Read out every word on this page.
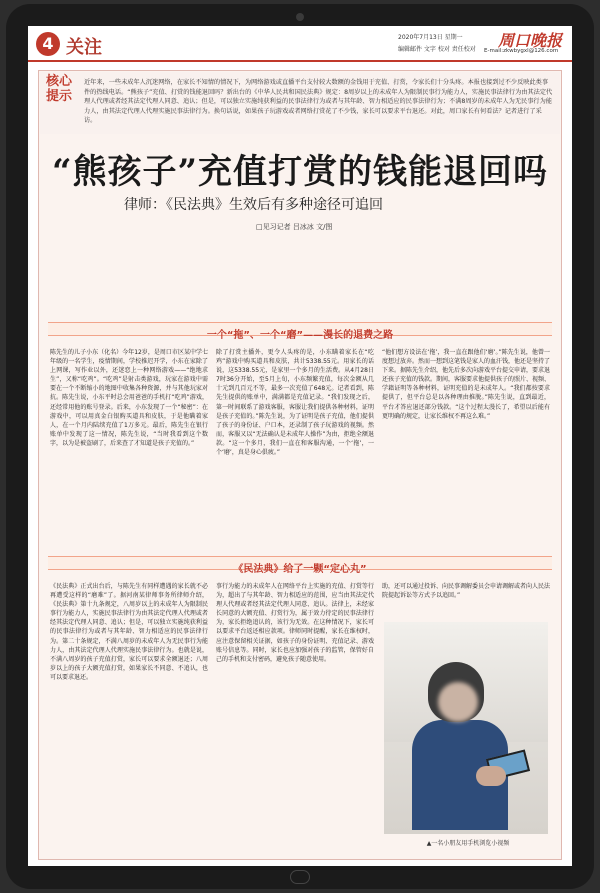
4 关注	2020年7月13日 星期一
编辑邮件 文字 校对 责任校对 周口晚报
E-mail:zkwbygxl@126.com
核心提示
近年来，一些未成年人沉迷网络，在家长不知情的情况下，为网络游戏或直播平台支付较大数额的金钱用于充值、打赏，令家长们十分头疼。本报也接到过不少反映此类事件的热线电话。“熊孩子”充值、打赏的钱能退回吗？新出台的《中华人民共和国民法典》规定：8周岁以上的未成年人为限制民事行为能力人，实施民事法律行为由其法定代理人代理或者经其法定代理人同意、追认；但是，可以独立实施纯获利益的民事法律行为或者与其年龄、智力相适应的民事法律行为；不满8周岁的未成年人为无民事行为能力人，由其法定代理人代理实施民事法律行为。换句话说，如果孩子玩游戏或者网络打赏花了不少钱，家长可以要求平台退还。对此，周口家长有何看法？记者进行了采访。
“熊孩子”充值打赏的钱能退回吗
律师：《民法典》生效后有多种途径可追回
□见习记者 吕冰冰 文/图
一个“拖”、一个“磨”——漫长的退费之路
陈先生的儿子小东（化名）今年12岁，是周口市区某中学七年级的一名学生，疫情期间，学校推迟开学，小东在家除了上网课，写作业以外，还迷恋上一种网络游戏——“绝地求生”，又称“吃鸡”。“吃鸡”是射击类游戏，玩家在游戏中需要在一个不断缩小的地图中收集各种资源，并与其他玩家对抗。陈先生说，小东平时总会用爸爸的手机打“吃鸡”游戏，还经常用他的账号登录。后来，小东发现了一个“秘密”：在游戏中，可以用真金白银购买道具和皮肤，于是他瞒着家人，在一个月内陆续充值了1万多元。最后，陈先生在银行账单中发现了这一情况，陈先生说，“当时我看到这个数字，以为是被盗刷了，后来查了才知道是孩子充值的。”
除了打赏主播外，更令人头疼的是，小东瞒着家长在“吃鸡”游戏中购买道具和皮肤，共计5338.55元。用家长的话说，这5338.55元，是家里一个多月的生活费。从4月28日7时36分开始，至5月上旬，小东频繁充值，每次金额从几十元到几百元不等，最多一次充值了648元。记者看到，陈先生提供的账单中，满满都是充值记录。“我们发现之后，第一时间联系了游戏客服，客服让我们提供各种材料，证明是孩子充值的。”陈先生说，为了证明是孩子充值，他们提供了孩子的身份证、户口本，还录制了孩子玩游戏的视频。然而，客服又以“无法确认是未成年人操作”为由，拒绝全额退款。“这一个多月，我们一直在和客服沟通，一个‘拖’，一个‘磨’，真是身心俱疲。”
“他们想方设法在‘拖’，我一直在跟他们‘磨’。”陈先生说，他曾一度想过放弃。然而一想到这笔钱是家人的血汗钱，他还是坚持了下来。据陈先生介绍，他先后多次向游戏平台提交申请，要求退还孩子充值的钱款。期间，客服要求他提供孩子的照片、视频、学籍证明等各种材料，证明充值的是未成年人。“我们都按要求提供了，但平台总是以各种理由推脱。”陈先生说，直到最近，平台才答应退还部分钱款。“这个过程太漫长了，希望以后能有更明确的规定，让家长维权不再这么难。”
《民法典》给了一颗“定心丸”
《民法典》正式出台后，与陈先生有同样遭遇的家长就不必再遭受这样的“磨难”了。据河南某律师事务所律师介绍，《民法典》第十九条规定，八周岁以上的未成年人为限制民事行为能力人，实施民事法律行为由其法定代理人代理或者经其法定代理人同意、追认；但是，可以独立实施纯获利益的民事法律行为或者与其年龄、智力相适应的民事法律行为。第二十条规定，不满八周岁的未成年人为无民事行为能力人，由其法定代理人代理实施民事法律行为。也就是说，不满八周岁的孩子充值打赏，家长可以要求全额退还；八周岁以上的孩子大额充值打赏，如果家长不同意、不追认，也可以要求退还。
事行为能力的未成年人在网络平台上实施的充值、打赏等行为，超出了与其年龄、智力相适应的范围，应当由其法定代理人代理或者经其法定代理人同意、追认。法律上，未经家长同意的大额充值、打赏行为，属于效力待定的民事法律行为，家长拒绝追认的，该行为无效。在这种情况下，家长可以要求平台返还相应款项。律师同时提醒，家长在维权时，应注意保留相关证据，如孩子的身份证明、充值记录、游戏账号信息等。同时，家长也应加强对孩子的监管，保管好自己的手机和支付密码，避免孩子随意使用。
助，还可以通过投诉、向民事调解委员会申请调解或者向人民法院提起诉讼等方式予以追回。”
▲一名小朋友用手机浏览小视频
